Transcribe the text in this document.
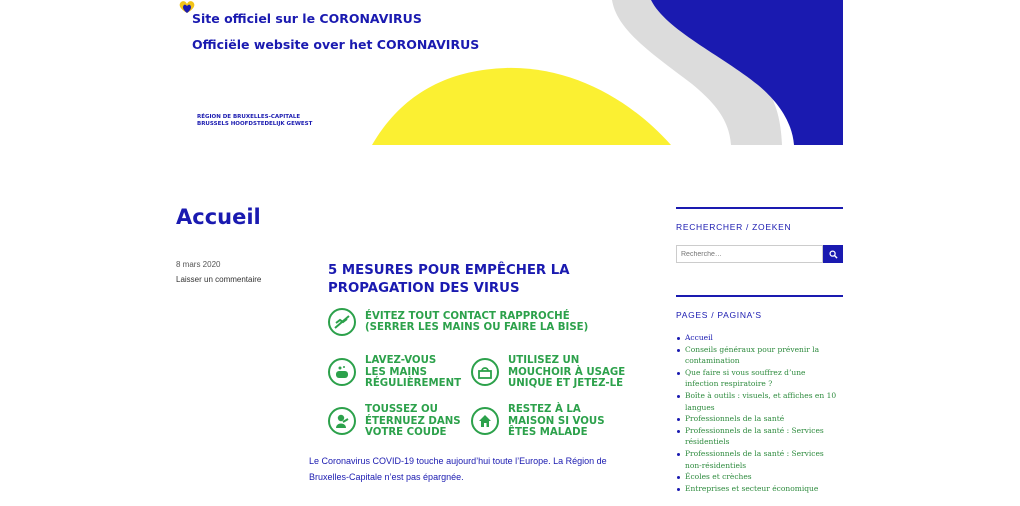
Site officiel sur le CORONAVIRUS
Officiële website over het CORONAVIRUS
RÉGION DE BRUXELLES-CAPITALE
BRUSSELS HOOFDSTEDELIJK GEWEST
Accueil
8 mars 2020
Laisser un commentaire
5 MESURES POUR EMPÊCHER LA
PROPAGATION DES VIRUS
ÉVITEZ TOUT CONTACT RAPPROCHÉ
(SERRER LES MAINS OU FAIRE LA BISE)
LAVEZ-VOUS
LES MAINS
RÉGULIÈREMENT
UTILISEZ UN
MOUCHOIR À USAGE
UNIQUE ET JETEZ-LE
TOUSSEZ OU
ÉTERNUEZ DANS
VOTRE COUDE
RESTEZ À LA
MAISON SI VOUS
ÊTES MALADE
Le Coronavirus COVID-19 touche aujourd’hui toute l’Europe. La Région de Bruxelles-Capitale n’est pas épargnée.
RECHERCHER / ZOEKEN
Recherche…
PAGES / PAGINA'S
Accueil
Conseils généraux pour prévenir la contamination
Que faire si vous souffrez d’une infection respiratoire ?
Boîte à outils : visuels, et affiches en 10 langues
Professionnels de la santé
Professionnels de la santé : Services résidentiels
Professionnels de la santé : Services non-résidentiels
Écoles et crèches
Entreprises et secteur économique
